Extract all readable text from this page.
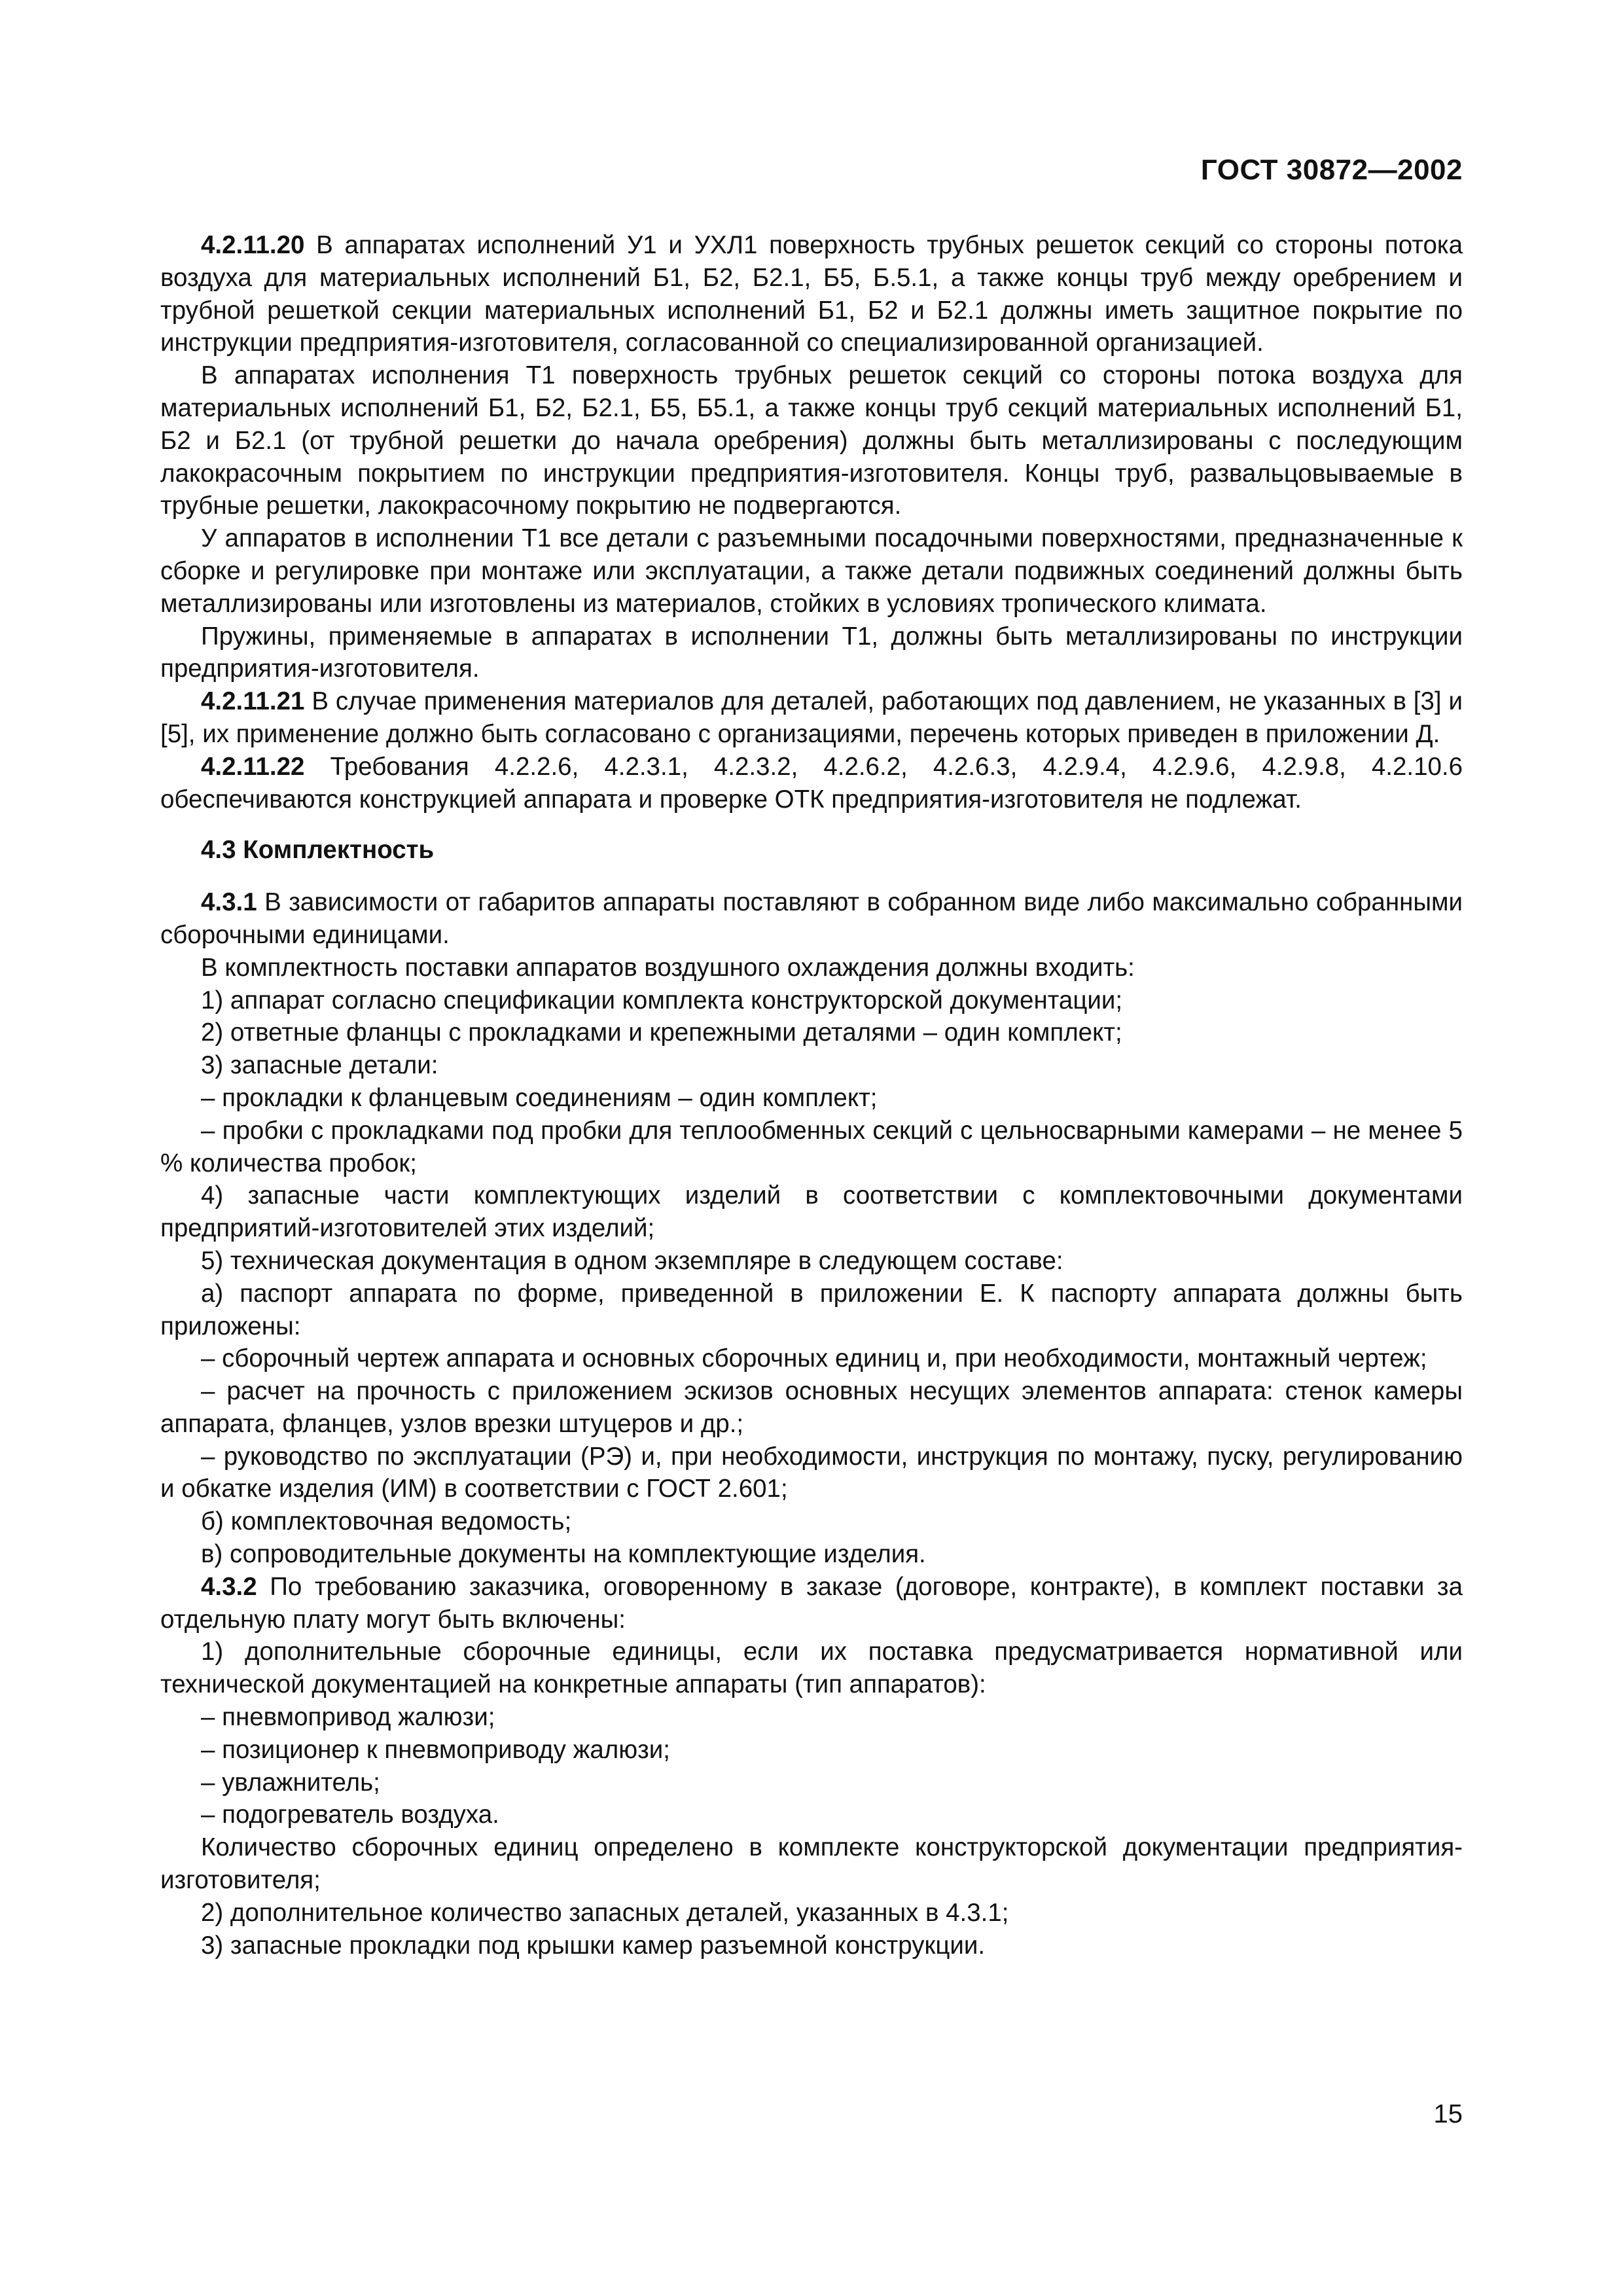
ГОСТ 30872—2002

4.2.11.20 В аппаратах исполнений У1 и УХЛ1 поверхность трубных решеток секций со стороны потока воздуха для материальных исполнений Б1, Б2, Б2.1, Б5, Б.5.1, а также концы труб между оребрением и трубной решеткой секции материальных исполнений Б1, Б2 и Б2.1 должны иметь защитное покрытие по инструкции предприятия-изготовителя, согласованной со специализированной организацией.

В аппаратах исполнения Т1 поверхность трубных решеток секций со стороны потока воздуха для материальных исполнений Б1, Б2, Б2.1, Б5, Б5.1, а также концы труб секций материальных исполнений Б1, Б2 и Б2.1 (от трубной решетки до начала оребрения) должны быть металлизированы с последующим лакокрасочным покрытием по инструкции предприятия-изготовителя. Концы труб, развальцовываемые в трубные решетки, лакокрасочному покрытию не подвергаются.

У аппаратов в исполнении Т1 все детали с разъемными посадочными поверхностями, предназначенные к сборке и регулировке при монтаже или эксплуатации, а также детали подвижных соединений должны быть металлизированы или изготовлены из материалов, стойких в условиях тропического климата.

Пружины, применяемые в аппаратах в исполнении Т1, должны быть металлизированы по инструкции предприятия-изготовителя.

4.2.11.21 В случае применения материалов для деталей, работающих под давлением, не указанных в [3] и [5], их применение должно быть согласовано с организациями, перечень которых приведен в приложении Д.

4.2.11.22 Требования 4.2.2.6, 4.2.3.1, 4.2.3.2, 4.2.6.2, 4.2.6.3, 4.2.9.4, 4.2.9.6, 4.2.9.8, 4.2.10.6 обеспечиваются конструкцией аппарата и проверке ОТК предприятия-изготовителя не подлежат.

4.3 Комплектность

4.3.1 В зависимости от габаритов аппараты поставляют в собранном виде либо максимально собранными сборочными единицами.

В комплектность поставки аппаратов воздушного охлаждения должны входить:

1) аппарат согласно спецификации комплекта конструкторской документации;

2) ответные фланцы с прокладками и крепежными деталями – один комплект;

3) запасные детали:

– прокладки к фланцевым соединениям – один комплект;

– пробки с прокладками под пробки для теплообменных секций с цельносварными камерами – не менее 5 % количества пробок;

4) запасные части комплектующих изделий в соответствии с комплектовочными документами предприятий-изготовителей этих изделий;

5) техническая документация в одном экземпляре в следующем составе:

а) паспорт аппарата по форме, приведенной в приложении Е. К паспорту аппарата должны быть приложены:

– сборочный чертеж аппарата и основных сборочных единиц и, при необходимости, монтажный чертеж;

– расчет на прочность с приложением эскизов основных несущих элементов аппарата: стенок камеры аппарата, фланцев, узлов врезки штуцеров и др.;

– руководство по эксплуатации (РЭ) и, при необходимости, инструкция по монтажу, пуску, регулированию и обкатке изделия (ИМ) в соответствии с ГОСТ 2.601;

б) комплектовочная ведомость;

в) сопроводительные документы на комплектующие изделия.

4.3.2 По требованию заказчика, оговоренному в заказе (договоре, контракте), в комплект поставки за отдельную плату могут быть включены:

1) дополнительные сборочные единицы, если их поставка предусматривается нормативной или технической документацией на конкретные аппараты (тип аппаратов):

– пневмопривод жалюзи;

– позиционер к пневмоприводу жалюзи;

– увлажнитель;

– подогреватель воздуха.

Количество сборочных единиц определено в комплекте конструкторской документации предприятия-изготовителя;

2) дополнительное количество запасных деталей, указанных в 4.3.1;

3) запасные прокладки под крышки камер разъемной конструкции.

15
